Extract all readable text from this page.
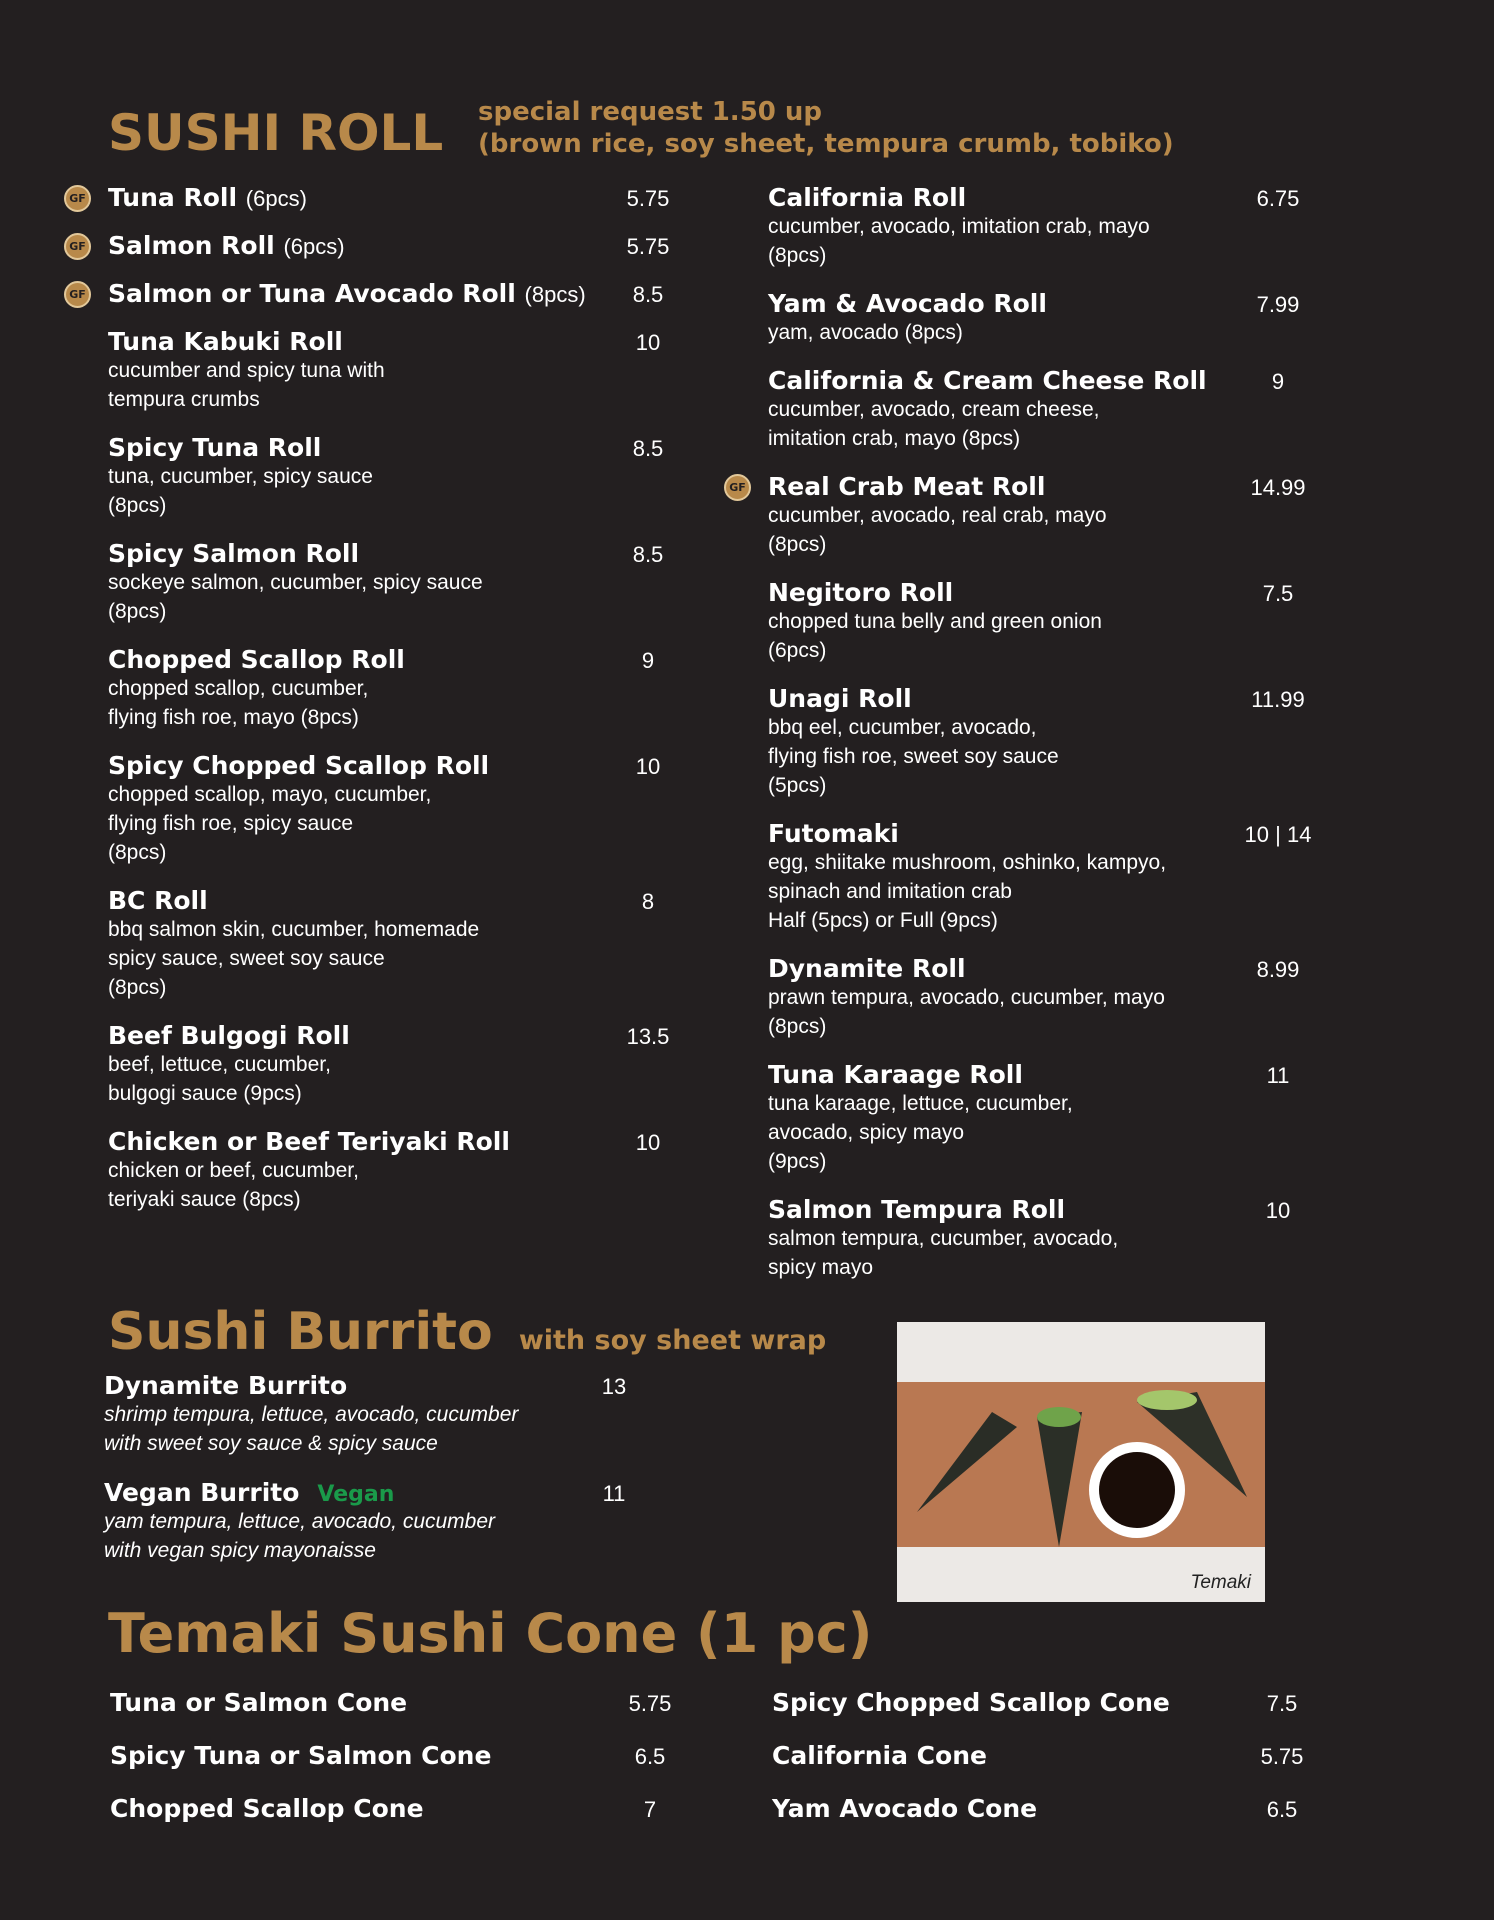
SUSHI ROLL special request 1.50 up
(brown rice, soy sheet, tempura crumb, tobiko)
GF Tuna Roll (6pcs)	5.75
GF Salmon Roll (6pcs)	5.75
GF Salmon or Tuna Avocado Roll (8pcs)	8.5
Tuna Kabuki Roll	10
cucumber and spicy tuna with
tempura crumbs
Spicy Tuna Roll	8.5
tuna, cucumber, spicy sauce
(8pcs)
Spicy Salmon Roll	8.5
sockeye salmon, cucumber, spicy sauce
(8pcs)
Chopped Scallop Roll	9
chopped scallop, cucumber,
flying fish roe, mayo (8pcs)
Spicy Chopped Scallop Roll	10
chopped scallop, mayo, cucumber,
flying fish roe, spicy sauce
(8pcs)
BC Roll	8
bbq salmon skin, cucumber, homemade
spicy sauce, sweet soy sauce
(8pcs)
Beef Bulgogi Roll	13.5
beef, lettuce, cucumber,
bulgogi sauce (9pcs)
Chicken or Beef Teriyaki Roll	10
chicken or beef, cucumber,
teriyaki sauce (8pcs)
California Roll	6.75
cucumber, avocado, imitation crab, mayo
(8pcs)
Yam & Avocado Roll	7.99
yam, avocado (8pcs)
California & Cream Cheese Roll	9
cucumber, avocado, cream cheese,
imitation crab, mayo (8pcs)
GF Real Crab Meat Roll	14.99
cucumber, avocado, real crab, mayo
(8pcs)
Negitoro Roll	7.5
chopped tuna belly and green onion
(6pcs)
Unagi Roll	11.99
bbq eel, cucumber, avocado,
flying fish roe, sweet soy sauce
(5pcs)
Futomaki	10 | 14
egg, shiitake mushroom, oshinko, kampyo,
spinach and imitation crab
Half (5pcs) or Full (9pcs)
Dynamite Roll	8.99
prawn tempura, avocado, cucumber, mayo
(8pcs)
Tuna Karaage Roll	11
tuna karaage, lettuce, cucumber,
avocado, spicy mayo
(9pcs)
Salmon Tempura Roll	10
salmon tempura, cucumber, avocado,
spicy mayo
Sushi Burrito with soy sheet wrap
Dynamite Burrito	13
shrimp tempura, lettuce, avocado, cucumber
with sweet soy sauce & spicy sauce
Vegan Burrito Vegan	11
yam tempura, lettuce, avocado, cucumber
with vegan spicy mayonaisse
Temaki
Temaki Sushi Cone (1 pc)
Tuna or Salmon Cone	5.75
Spicy Tuna or Salmon Cone	6.5
Chopped Scallop Cone	7
Spicy Chopped Scallop Cone	7.5
California Cone	5.75
Yam Avocado Cone	6.5
